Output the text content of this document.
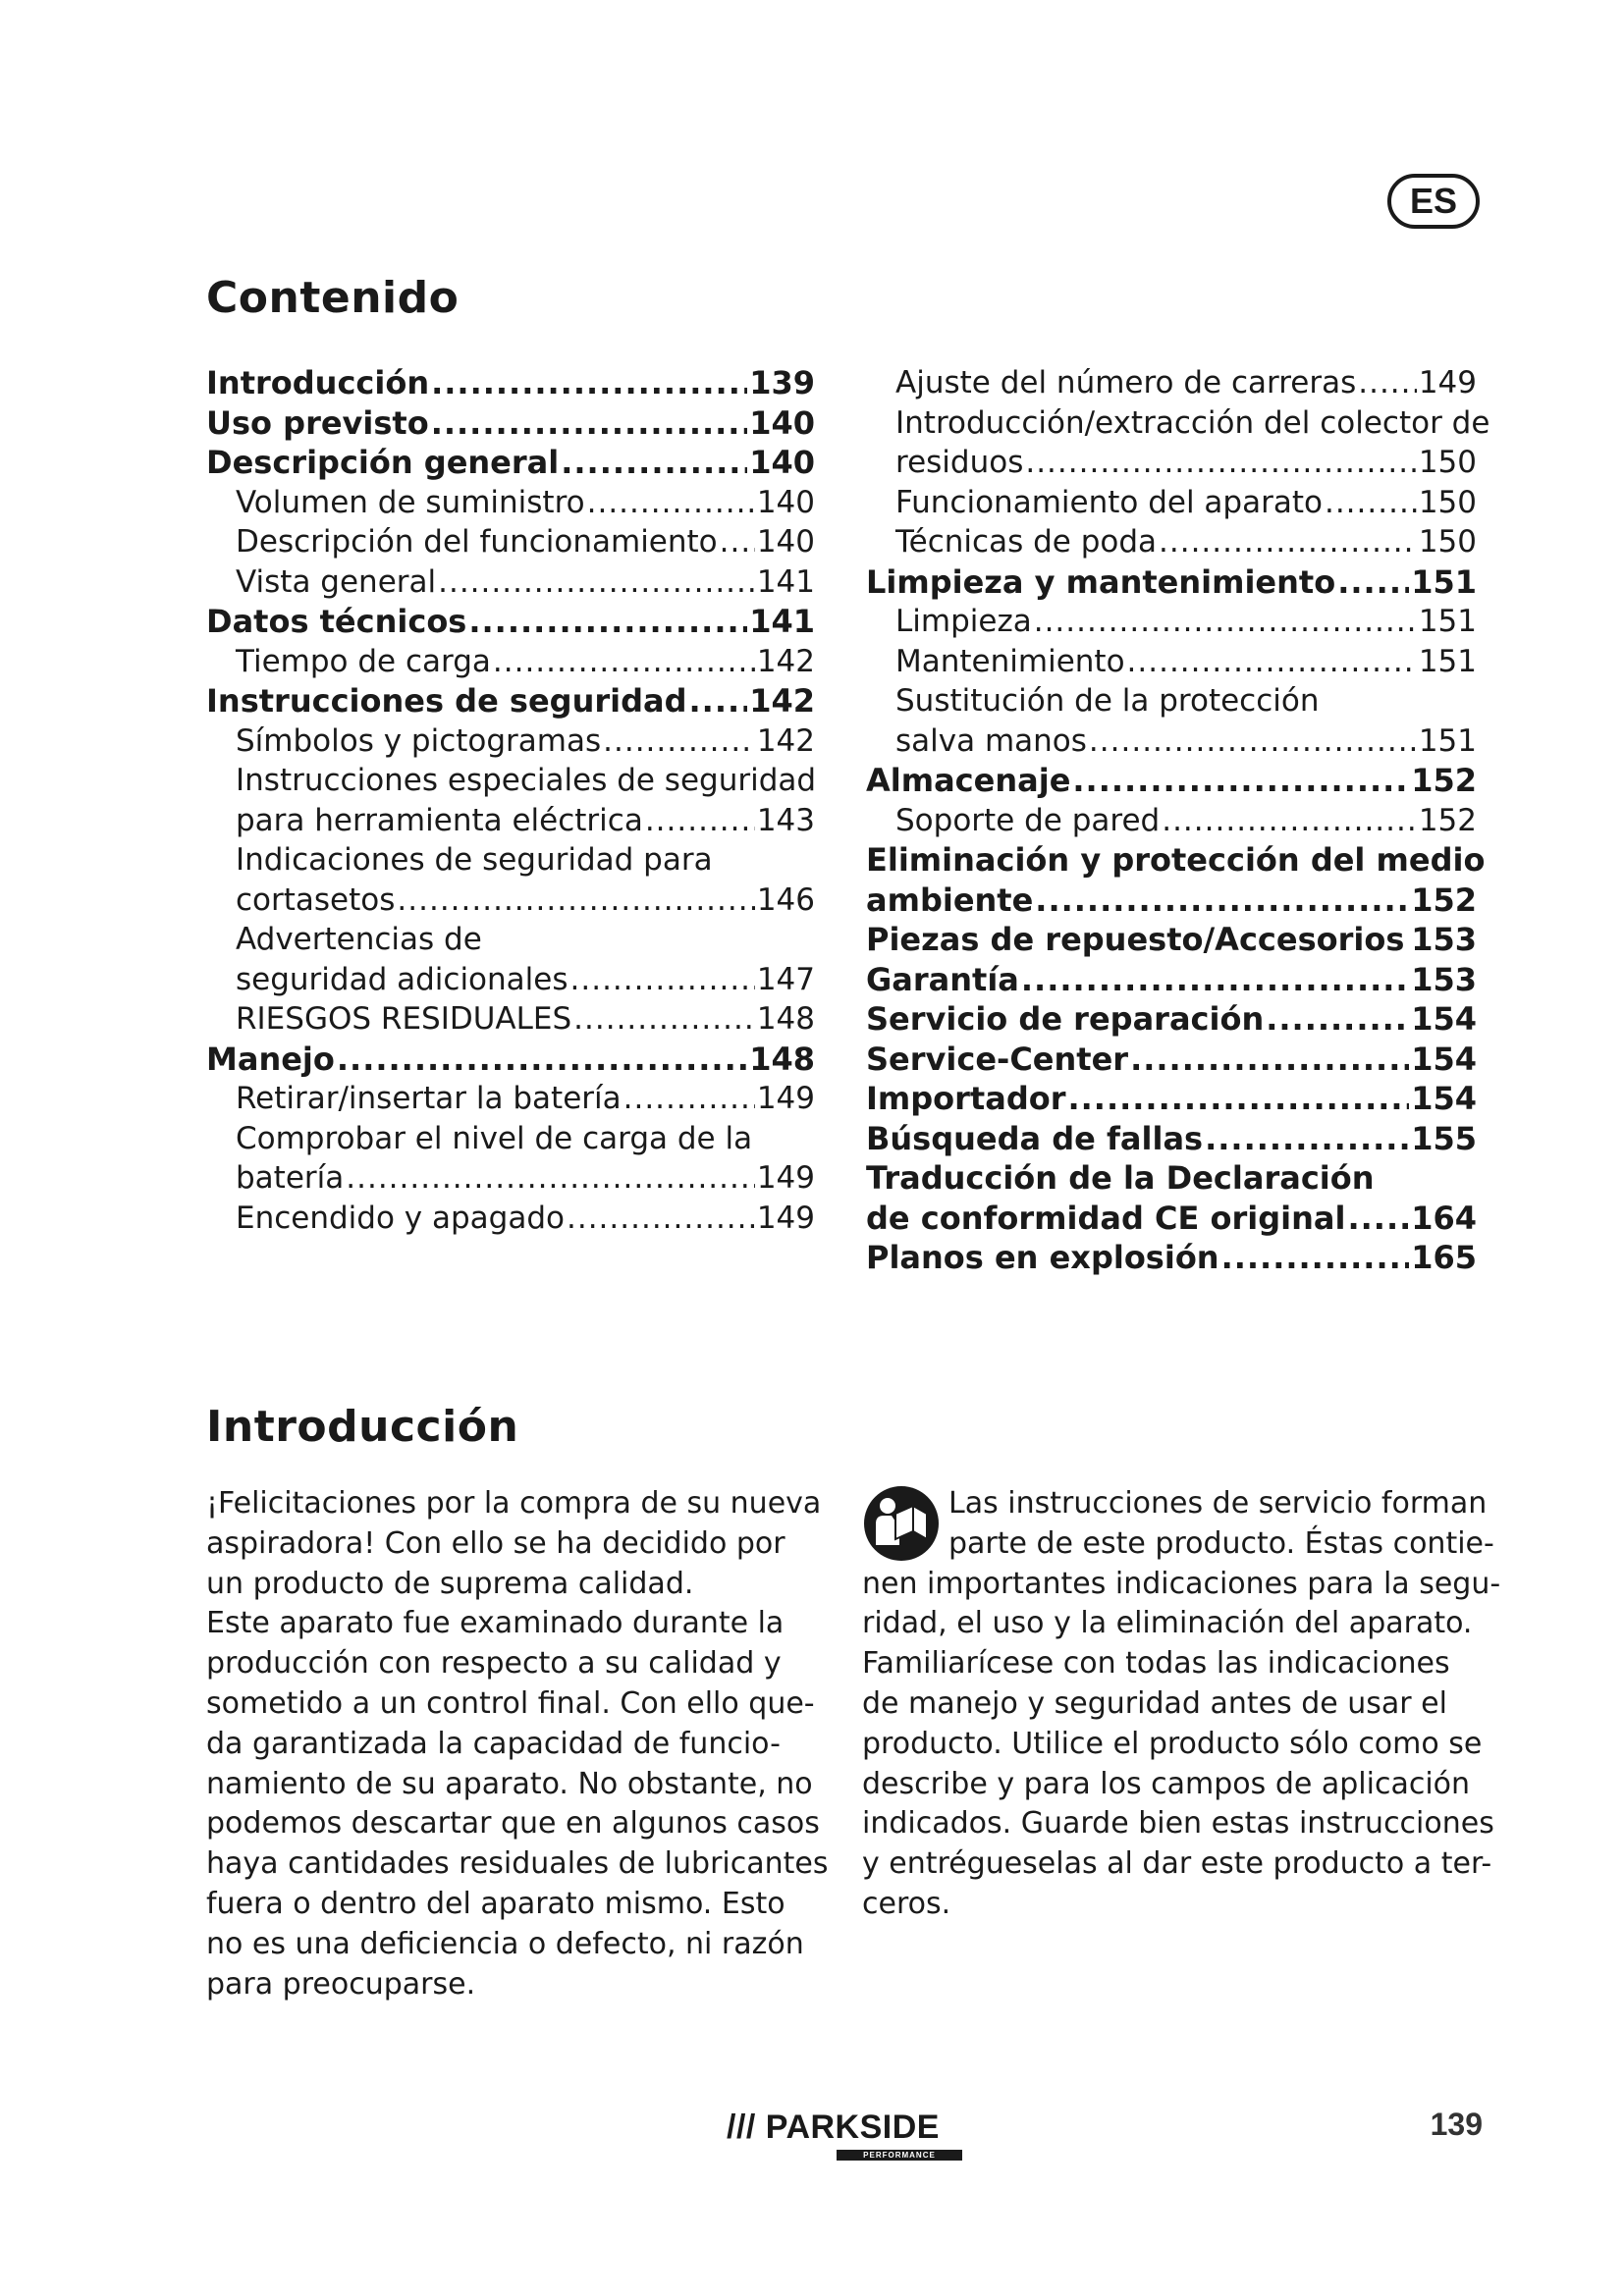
ES
Contenido
Introducción .....	139
Uso previsto .....	140
Descripción general .....	140
Volumen de suministro .....	140
Descripción del funcionamiento ..... 140
Vista general .....	141
Datos técnicos .....	141
Tiempo de carga .....	142
Instrucciones de seguridad ..... 142
Símbolos y pictogramas .....	142
Instrucciones especiales de seguridad
para herramienta eléctrica .....	143
Indicaciones de seguridad para
cortasetos .....	146
Advertencias de
seguridad adicionales .....	147
RIESGOS RESIDUALES .....	148
Manejo .....	148
Retirar/insertar la batería .....	149
Comprobar el nivel de carga de la
batería .....	149
Encendido y apagado .....	149
Ajuste del número de carreras ..... 149
Introducción/extracción del colector de
residuos .....	150
Funcionamiento del aparato .....	150
Técnicas de poda .....	150
Limpieza y mantenimiento ..... 151
Limpieza .....	151
Mantenimiento .....	151
Sustitución de la protección
salva manos .....	151
Almacenaje .....	152
Soporte de pared .....	152
Eliminación y protección del medio
ambiente .....	152
Piezas de repuesto/Accesorios ..... 153
Garantía .....	153
Servicio de reparación .....	154
Service-Center .....	154
Importador .....	154
Búsqueda de fallas .....	155
Traducción de la Declaración
de conformidad CE original ..... 164
Planos en explosión .....	165
Introducción
¡Felicitaciones por la compra de su nueva
aspiradora! Con ello se ha decidido por
un producto de suprema calidad.
Este aparato fue examinado durante la
producción con respecto a su calidad y
sometido a un control final. Con ello que-
da garantizada la capacidad de funcio-
namiento de su aparato. No obstante, no
podemos descartar que en algunos casos
haya cantidades residuales de lubricantes
fuera o dentro del aparato mismo. Esto
no es una deficiencia o defecto, ni razón
para preocuparse.
Las instrucciones de servicio forman
parte de este producto. Éstas contie-
nen importantes indicaciones para la segu-
ridad, el uso y la eliminación del aparato.
Familiarícese con todas las indicaciones
de manejo y seguridad antes de usar el
producto. Utilice el producto sólo como se
describe y para los campos de aplicación
indicados. Guarde bien estas instrucciones
y entrégueselas al dar este producto a ter-
ceros.
/// PARKSIDE
PERFORMANCE
139
